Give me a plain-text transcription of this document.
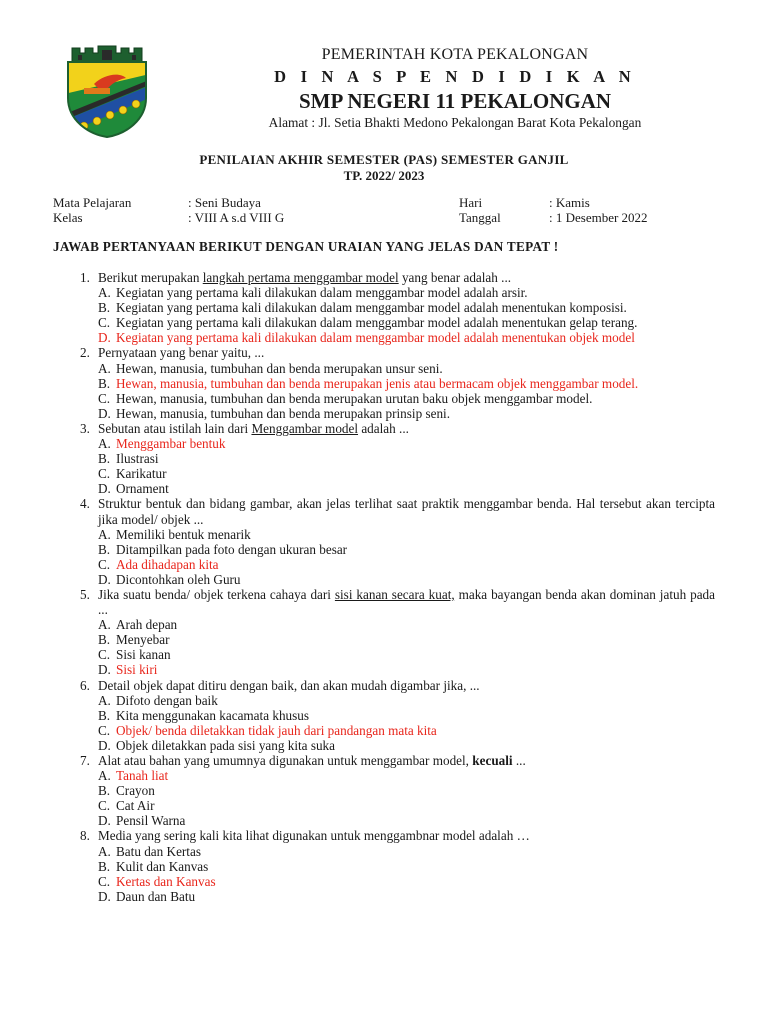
PEMERINTAH KOTA PEKALONGAN
D I N A S P E N D I D I K A N
SMP NEGERI 11 PEKALONGAN
Alamat : Jl. Setia Bhakti Medono Pekalongan Barat Kota Pekalongan
PENILAIAN AKHIR SEMESTER (PAS) SEMESTER GANJIL
TP. 2022/ 2023
Mata Pelajaran	: Seni Budaya	Hari	: Kamis
Kelas	: VIII A s.d VIII G	Tanggal	: 1 Desember 2022
JAWAB PERTANYAAN BERIKUT DENGAN URAIAN YANG JELAS DAN TEPAT !
1. Berikut merupakan langkah pertama menggambar model yang benar adalah ...
A. Kegiatan yang pertama kali dilakukan dalam menggambar model adalah arsir.
B. Kegiatan yang pertama kali dilakukan dalam menggambar model adalah menentukan komposisi.
C. Kegiatan yang pertama kali dilakukan dalam menggambar model adalah menentukan gelap terang.
D. Kegiatan yang pertama kali dilakukan dalam menggambar model adalah menentukan objek model
2. Pernyataan yang benar yaitu, ...
A. Hewan, manusia, tumbuhan dan benda merupakan unsur seni.
B. Hewan, manusia, tumbuhan dan benda merupakan jenis atau bermacam objek menggambar model.
C. Hewan, manusia, tumbuhan dan benda merupakan urutan baku objek menggambar model.
D. Hewan, manusia, tumbuhan dan benda merupakan prinsip seni.
3. Sebutan atau istilah lain dari Menggambar model adalah ...
A. Menggambar bentuk
B. Ilustrasi
C. Karikatur
D. Ornament
4. Struktur bentuk dan bidang gambar, akan jelas terlihat saat praktik menggambar benda. Hal tersebut akan tercipta jika model/ objek ...
A. Memiliki bentuk menarik
B. Ditampilkan pada foto dengan ukuran besar
C. Ada dihadapan kita
D. Dicontohkan oleh Guru
5. Jika suatu benda/ objek terkena cahaya dari sisi kanan secara kuat, maka bayangan benda akan dominan jatuh pada ...
A. Arah depan
B. Menyebar
C. Sisi kanan
D. Sisi kiri
6. Detail objek dapat ditiru dengan baik, dan akan mudah digambar jika, ...
A. Difoto dengan baik
B. Kita menggunakan kacamata khusus
C. Objek/ benda diletakkan tidak jauh dari pandangan mata kita
D. Objek diletakkan pada sisi yang kita suka
7. Alat atau bahan yang umumnya digunakan untuk menggambar model, kecuali ...
A. Tanah liat
B. Crayon
C. Cat Air
D. Pensil Warna
8. Media yang sering kali kita lihat digunakan untuk menggambnar model adalah …
A. Batu dan Kertas
B. Kulit dan Kanvas
C. Kertas dan Kanvas
D. Daun dan Batu
